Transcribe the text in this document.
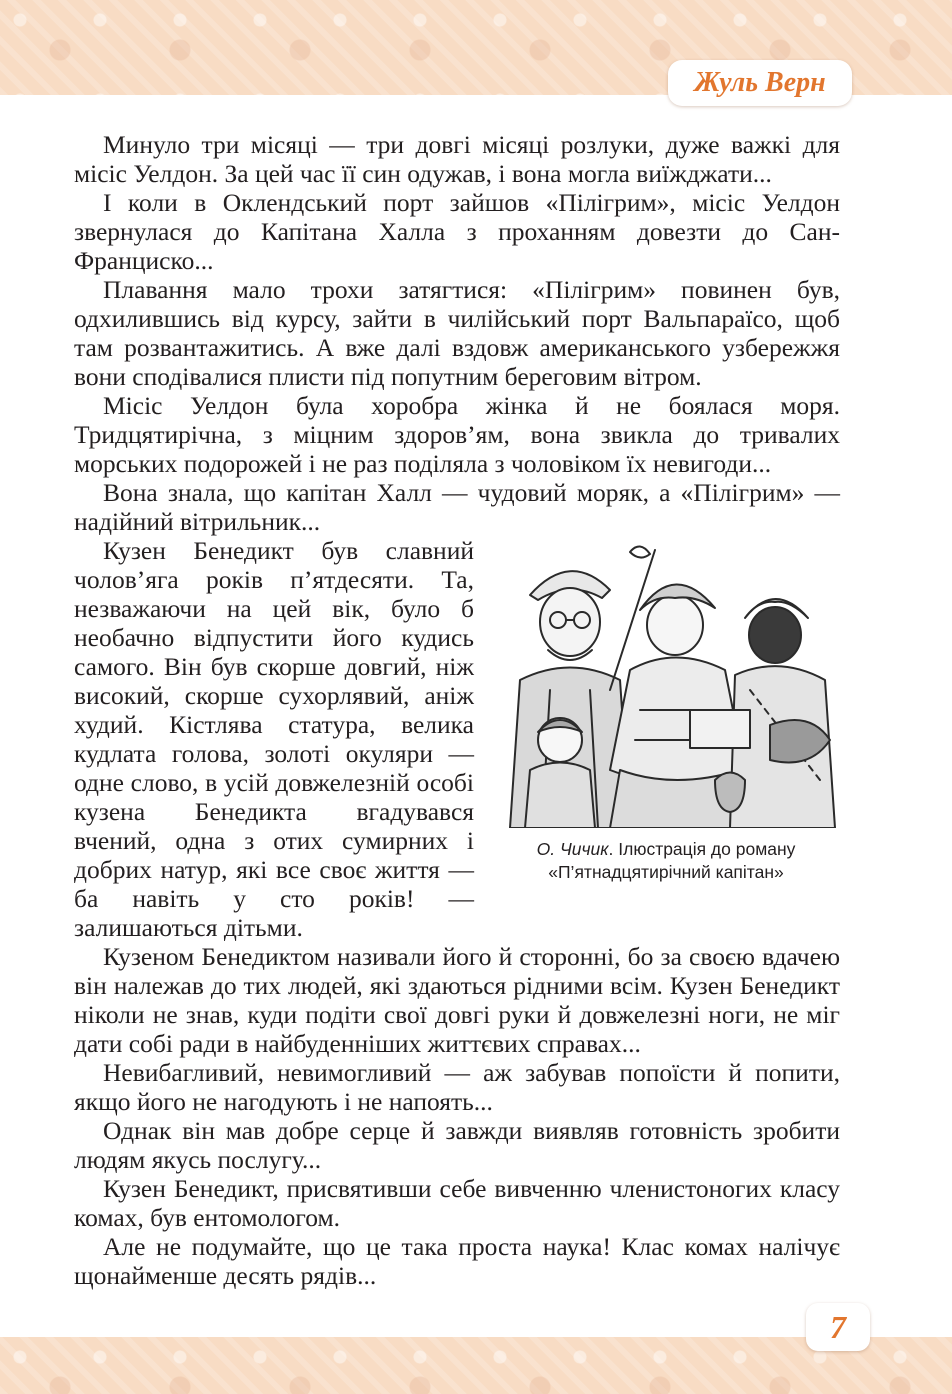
Жуль Верн

Минуло три місяці — три довгі місяці розлуки, дуже важкі для місіс Уелдон. За цей час її син одужав, і вона могла виїжджати...

І коли в Оклендський порт зайшов «Пілігрим», місіс Уелдон звернулася до Капітана Халла з проханням довезти до Сан-Франциско...

Плавання мало трохи затягтися: «Пілігрим» повинен був, одхилившись від курсу, зайти в чилійський порт Вальпараїсо, щоб там розвантажитись. А вже далі вздовж американського узбережжя вони сподівалися плисти під попутним береговим вітром.

Місіс Уелдон була хоробра жінка й не боялася моря. Тридцятирічна, з міцним здоров’ям, вона звикла до тривалих морських подорожей і не раз поділяла з чоловіком їх невигоди...

Вона знала, що капітан Халл — чудовий моряк, а «Пілігрим» — надійний вітрильник...

О. Чичик. Ілюстрація до роману
«П’ятнадцятирічний капітан»

Кузен Бенедикт був славний чолов’яга років п’ятдесяти. Та, незважаючи на цей вік, було б необачно відпустити його кудись самого. Він був скорше довгий, ніж високий, скорше сухорлявий, аніж худий. Кістлява статура, велика кудлата голова, золоті окуляри — одне слово, в усій довжелезній особі кузена Бенедикта вгадувався вчений, одна з отих сумирних і добрих натур, які все своє життя — ба навіть у сто років! — залишаються дітьми.

Кузеном Бенедиктом називали його й сторонні, бо за своєю вдачею він належав до тих людей, які здаються рідними всім. Кузен Бенедикт ніколи не знав, куди подіти свої довгі руки й довжелезні ноги, не міг дати собі ради в найбуденніших життєвих справах...

Невибагливий, невимогливий — аж забував попоїсти й попити, якщо його не нагодують і не напоять...

Однак він мав добре серце й завжди виявляв готовність зробити людям якусь послугу...

Кузен Бенедикт, присвятивши себе вивченню членистоногих класу комах, був ентомологом.

Але не подумайте, що це така проста наука! Клас комах налічує щонайменше десять рядів...

7
